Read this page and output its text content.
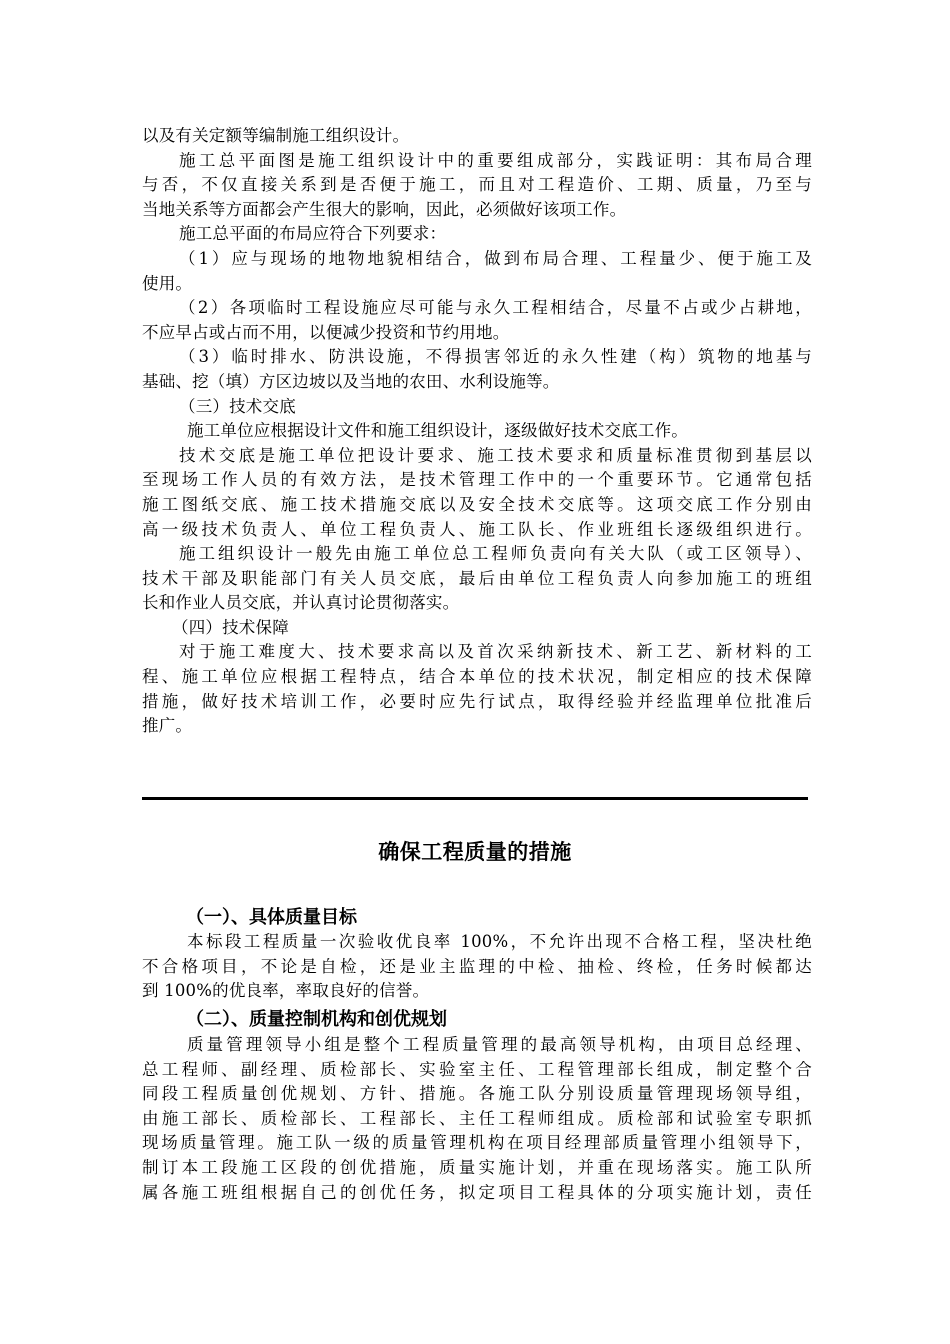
以及有关定额等编制施工组织设计。
施工总平面图是施工组织设计中的重要组成部分，实践证明：其布局合理
与否，不仅直接关系到是否便于施工，而且对工程造价、工期、质量，乃至与
当地关系等方面都会产生很大的影响，因此，必须做好该项工作。
施工总平面的布局应符合下列要求：
（1）应与现场的地物地貌相结合，做到布局合理、工程量少、便于施工及
使用。
（2）各项临时工程设施应尽可能与永久工程相结合，尽量不占或少占耕地，
不应早占或占而不用，以便减少投资和节约用地。
（3）临时排水、防洪设施，不得损害邻近的永久性建（构）筑物的地基与
基础、挖（填）方区边坡以及当地的农田、水利设施等。
（三）技术交底
施工单位应根据设计文件和施工组织设计，逐级做好技术交底工作。
技术交底是施工单位把设计要求、施工技术要求和质量标准贯彻到基层以
至现场工作人员的有效方法，是技术管理工作中的一个重要环节。它通常包括
施工图纸交底、施工技术措施交底以及安全技术交底等。这项交底工作分别由
高一级技术负责人、单位工程负责人、施工队长、作业班组长逐级组织进行。
施工组织设计一般先由施工单位总工程师负责向有关大队（或工区领导）、
技术干部及职能部门有关人员交底，最后由单位工程负责人向参加施工的班组
长和作业人员交底，并认真讨论贯彻落实。
（四）技术保障
对于施工难度大、技术要求高以及首次采纳新技术、新工艺、新材料的工
程、施工单位应根据工程特点，结合本单位的技术状况，制定相应的技术保障
措施，做好技术培训工作，必要时应先行试点，取得经验并经监理单位批准后
推广。
确保工程质量的措施
（一）、具体质量目标
本标段工程质量一次验收优良率 100%，不允许出现不合格工程，坚决杜绝
不合格项目，不论是自检，还是业主监理的中检、抽检、终检，任务时候都达
到 100%的优良率，率取良好的信誉。
（二）、质量控制机构和创优规划
质量管理领导小组是整个工程质量管理的最高领导机构，由项目总经理、
总工程师、副经理、质检部长、实验室主任、工程管理部长组成，制定整个合
同段工程质量创优规划、方针、措施。各施工队分别设质量管理现场领导组，
由施工部长、质检部长、工程部长、主任工程师组成。质检部和试验室专职抓
现场质量管理。施工队一级的质量管理机构在项目经理部质量管理小组领导下，
制订本工段施工区段的创优措施，质量实施计划，并重在现场落实。施工队所
属各施工班组根据自己的创优任务，拟定项目工程具体的分项实施计划，责任
